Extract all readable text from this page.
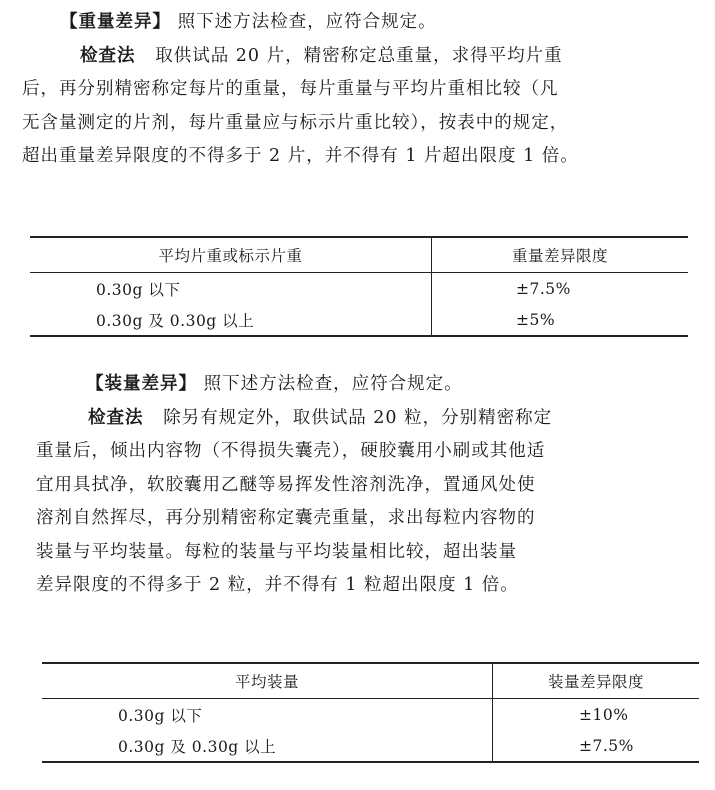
【重量差异】 照下述方法检查，应符合规定。

检查法 取供试品 20 片，精密称定总重量，求得平均片重

后，再分别精密称定每片的重量，每片重量与平均片重相比较（凡

无含量测定的片剂，每片重量应与标示片重比较），按表中的规定，

超出重量差异限度的不得多于 2 片，并不得有 1 片超出限度 1 倍。

平均片重或标示片重	重量差异限度
0.30g 以下	±7.5%
0.30g 及 0.30g 以上	±5%

【装量差异】 照下述方法检查，应符合规定。

检查法 除另有规定外，取供试品 20 粒，分别精密称定

重量后，倾出内容物（不得损失囊壳），硬胶囊用小刷或其他适

宜用具拭净，软胶囊用乙醚等易挥发性溶剂洗净，置通风处使

溶剂自然挥尽，再分别精密称定囊壳重量，求出每粒内容物的

装量与平均装量。每粒的装量与平均装量相比较，超出装量

差异限度的不得多于 2 粒，并不得有 1 粒超出限度 1 倍。

平均装量	装量差异限度
0.30g 以下	±10%
0.30g 及 0.30g 以上	±7.5%
